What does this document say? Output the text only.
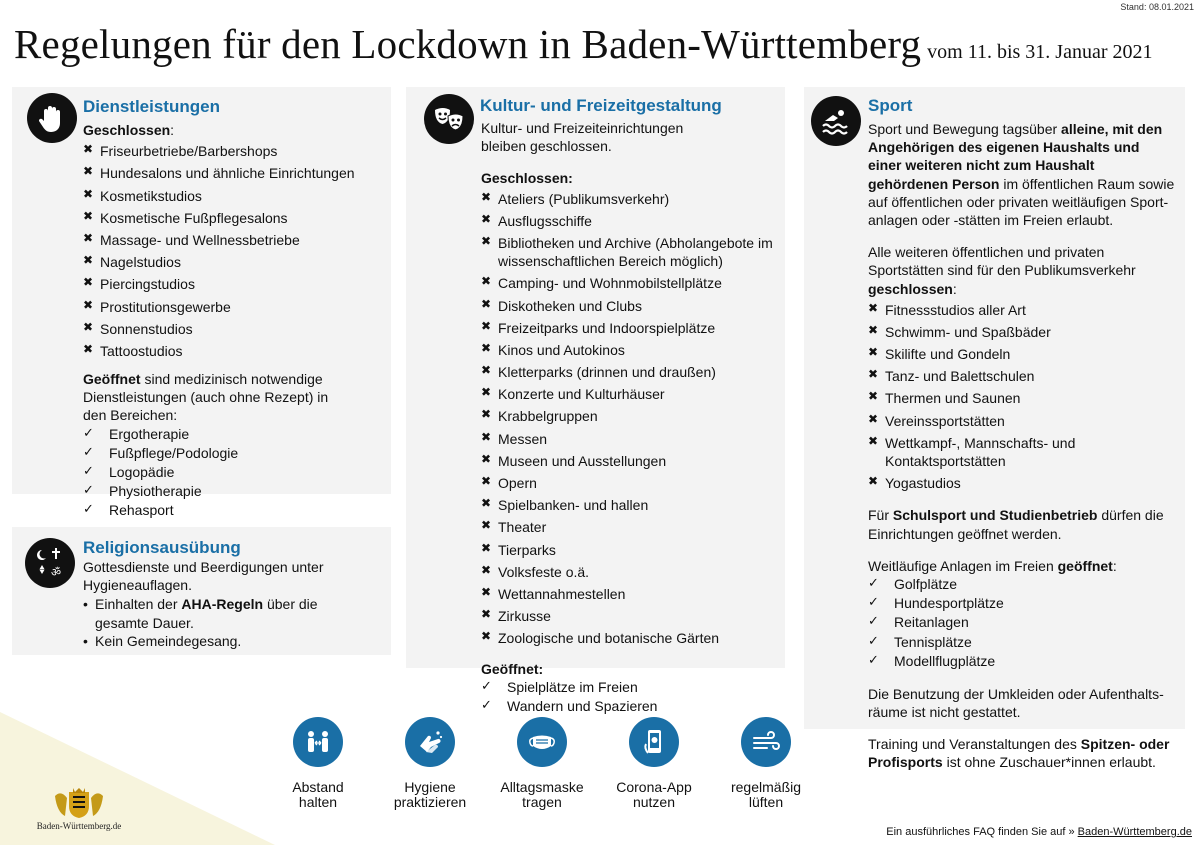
Stand: 08.01.2021
Regelungen für den Lockdown in Baden-Württemberg vom 11. bis 31. Januar 2021
Dienstleistungen
Geschlossen:
✖ Friseurbetriebe/Barbershops
✖ Hundesalons und ähnliche Einrichtungen
✖ Kosmetikstudios
✖ Kosmetische Fußpflegesalons
✖ Massage- und Wellnessbetriebe
✖ Nagelstudios
✖ Piercingstudios
✖ Prostitutionsgewerbe
✖ Sonnenstudios
✖ Tattoostudios
Geöffnet sind medizinisch notwendige Dienstleistungen (auch ohne Rezept) in den Bereichen:
✓ Ergotherapie
✓ Fußpflege/Podologie
✓ Logopädie
✓ Physiotherapie
✓ Rehasport
ॐ
Religionsausübung
Gottesdienste und Beerdigungen unter Hygieneauflagen.
• Einhalten der AHA-Regeln über die gesamte Dauer.
• Kein Gemeindegesang.
Kultur- und Freizeitgestaltung
Kultur- und Freizeiteinrichtungen bleiben geschlossen.
Geschlossen:
✖ Ateliers (Publikumsverkehr)
✖ Ausflugsschiffe
✖ Bibliotheken und Archive (Abholangebote im wissenschaftlichen Bereich möglich)
✖ Camping- und Wohnmobilstellplätze
✖ Diskotheken und Clubs
✖ Freizeitparks und Indoorspielplätze
✖ Kinos und Autokinos
✖ Kletterparks (drinnen und draußen)
✖ Konzerte und Kulturhäuser
✖ Krabbelgruppen
✖ Messen
✖ Museen und Ausstellungen
✖ Opern
✖ Spielbanken- und hallen
✖ Theater
✖ Tierparks
✖ Volksfeste o.ä.
✖ Wettannahmestellen
✖ Zirkusse
✖ Zoologische und botanische Gärten
Geöffnet:
✓ Spielplätze im Freien
✓ Wandern und Spazieren
Sport
Sport und Bewegung tagsüber alleine, mit den Angehörigen des eigenen Haushalts und einer weiteren nicht zum Haushalt gehördenen Person im öffentlichen Raum sowie auf öffentlichen oder privaten weitläufigen Sport-anlagen oder -stätten im Freien erlaubt.
Alle weiteren öffentlichen und privaten Sportstätten sind für den Publikumsverkehr geschlossen:
✖ Fitnessstudios aller Art
✖ Schwimm- und Spaßbäder
✖ Skilifte und Gondeln
✖ Tanz- und Balettschulen
✖ Thermen und Saunen
✖ Vereinssportstätten
✖ Wettkampf-, Mannschafts- und Kontaktsportstätten
✖ Yogastudios
Für Schulsport und Studienbetrieb dürfen die Einrichtungen geöffnet werden.
Weitläufige Anlagen im Freien geöffnet:
✓ Golfplätze
✓ Hundesportplätze
✓ Reitanlagen
✓ Tennisplätze
✓ Modellflugplätze
Die Benutzung der Umkleiden oder Aufenthalts-räume ist nicht gestattet.
Training und Veranstaltungen des Spitzen- oder Profisports ist ohne Zuschauer*innen erlaubt.
Abstand
halten
Hygiene
praktizieren
Alltagsmaske
tragen
Corona-App
nutzen
regelmäßig
lüften
Baden-Württemberg.de	Ein ausführliches FAQ finden Sie auf » Baden-Württemberg.de
